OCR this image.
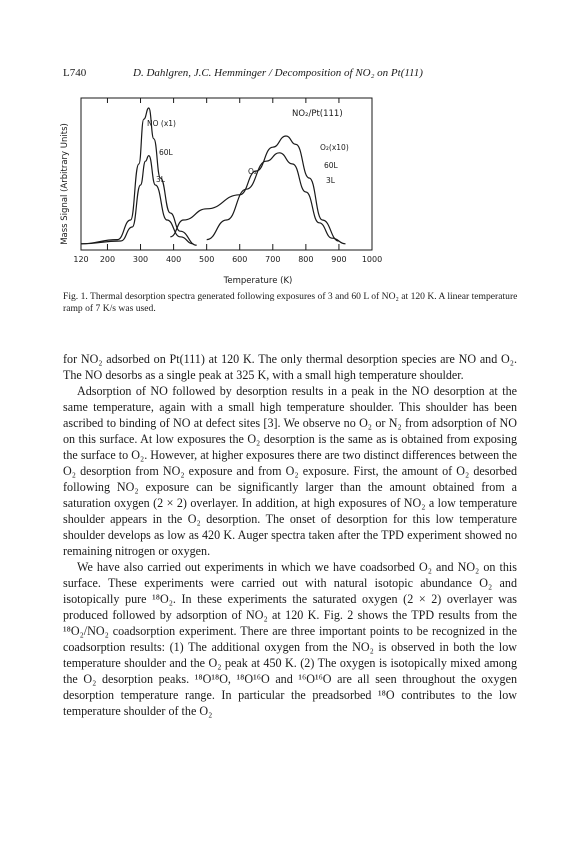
L740	D. Dahlgren, J.C. Hemminger / Decomposition of NO₂ on Pt(111)
120 200 300 400 500 600 700 800 900 1000
NO₂/Pt(111)
Mass Signal (Arbitrary Units)
Temperature (K)
NO (x1)
60L
3L
O₂(x10)
60L
3L
O₂
Fig. 1. Thermal desorption spectra generated following exposures of 3 and 60 L of NO₂ at 120 K. A linear temperature ramp of 7 K/s was used.

for NO₂ adsorbed on Pt(111) at 120 K. The only thermal desorption species are NO and O₂. The NO desorbs as a single peak at 325 K, with a small high temperature shoulder.

Adsorption of NO followed by desorption results in a peak in the NO desorption at the same temperature, again with a small high temperature shoulder. This shoulder has been ascribed to binding of NO at defect sites [3]. We observe no O₂ or N₂ from adsorption of NO on this surface. At low exposures the O₂ desorption is the same as is obtained from exposing the surface to O₂. However, at higher exposures there are two distinct differences between the O₂ desorption from NO₂ exposure and from O₂ exposure. First, the amount of O₂ desorbed following NO₂ exposure can be significantly larger than the amount obtained from a saturation oxygen (2 × 2) overlayer. In addition, at high exposures of NO₂ a low temperature shoulder appears in the O₂ desorption. The onset of desorption for this low temperature shoulder develops as low as 420 K. Auger spectra taken after the TPD experiment showed no remaining nitrogen or oxygen.

We have also carried out experiments in which we have coadsorbed O₂ and NO₂ on this surface. These experiments were carried out with natural isotopic abundance O₂ and isotopically pure ¹⁸O₂. In these experiments the saturated oxygen (2 × 2) overlayer was produced followed by adsorption of NO₂ at 120 K. Fig. 2 shows the TPD results from the ¹⁸O₂/NO₂ coadsorption experiment. There are three important points to be recognized in the coadsorption results: (1) The additional oxygen from the NO₂ is observed in both the low temperature shoulder and the O₂ peak at 450 K. (2) The oxygen is isotopically mixed among the O₂ desorption peaks. ¹⁸O¹⁸O, ¹⁸O¹⁶O and ¹⁶O¹⁶O are all seen throughout the oxygen desorption temperature range. In particular the preadsorbed ¹⁸O contributes to the low temperature shoulder of the O₂
